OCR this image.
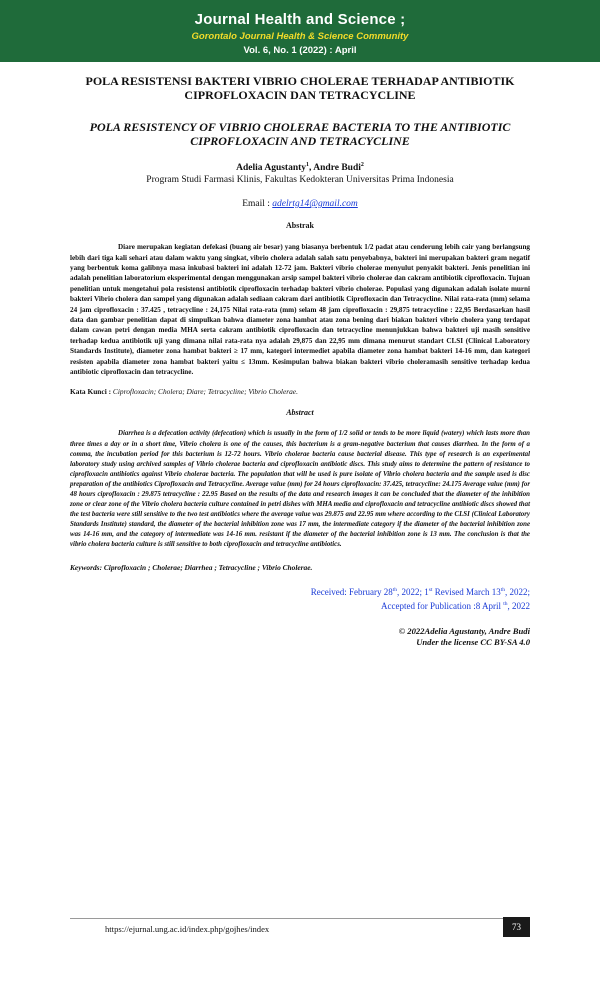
Journal Health and Science ;
Gorontalo Journal Health & Science Community
Vol. 6, No. 1 (2022) : April

POLA RESISTENSI BAKTERI VIBRIO CHOLERAE TERHADAP ANTIBIOTIK CIPROFLOXACIN DAN TETRACYCLINE

POLA RESISTENCY OF VIBRIO CHOLERAE BACTERIA TO THE ANTIBIOTIC CIPROFLOXACIN AND TETRACYCLINE

Adelia Agustanty$^1$, Andre Budi$^2$
Program Studi Farmasi Klinis, Fakultas Kedokteran Universitas Prima Indonesia
Email : adelrtg14@gmail.com
Abstrak

Diare merupakan kegiatan defekasi (buang air besar) yang biasanya berbentuk 1/2 padat atau cenderung lebih cair yang berlangsung lebih dari tiga kali sehari atau dalam waktu yang singkat, vibrio cholera adalah salah satu penyebabnya, bakteri ini merupakan bakteri gram negatif yang berbentuk koma galibnya masa inkubasi bakteri ini adalah 12-72 jam. Bakteri vibrio cholerae menyulut penyakit bakteri. Jenis penelitian ini adalah penelitian laboratorium eksperimental dengan menggunakan arsip sampel bakteri vibrio cholerae dan cakram antibiotik ciprofloxacin. Tujuan penelitian untuk mengetahui pola resistensi antibiotik ciprofloxacin terhadap bakteri vibrio cholerae. Populasi yang digunakan adalah isolate murni bakteri Vibrio cholera dan sampel yang digunakan adalah sediaan cakram dari antibiotik Ciprofloxacin dan Tetracycline. Nilai rata-rata (mm) selama 24 jam ciprofloxacin : 37.425 , tetracycline : 24,175 Nilai rata-rata (mm) selam 48 jam ciprofloxacin : 29,875 tetracycline : 22,95 Berdasarkan hasil data dan gambar penelitian dapat di simpulkan bahwa diameter zona hambat atau zona bening dari biakan bakteri vibrio cholera yang terdapat dalam cawan petri dengan media MHA serta cakram antibiotik ciprofloxacin dan tetracycline menunjukkan bahwa bakteri uji masih sensitive terhadap kedua antibiotik uji yang dimana nilai rata-rata nya adalah 29,875 dan 22,95 mm dimana menurut standart CLSI (Clinical Laboratory Standards Institute), diameter zona hambat bakteri ≥ 17 mm, kategori intermediet apabila diameter zona hambat bakteri 14-16 mm, dan kategori resisten apabila diameter zona hambat bakteri yaitu ≤ 13mm. Kesimpulan bahwa biakan bakteri vibrio choleramasih sensitive terhadap kedua antibiotic ciprofloxacin dan tetracycline.

Kata Kunci : Ciprofloxacin; Cholera; Diare; Tetracycline; Vibrio Cholerae.
Abstract

Diarrhea is a defecation activity (defecation) which is usually in the form of 1/2 solid or tends to be more liquid (watery) which lasts more than three times a day or in a short time, Vibrio cholera is one of the causes, this bacterium is a gram-negative bacterium that causes diarrhea. In the form of a comma, the incubation period for this bacterium is 12-72 hours. Vibrio cholerae bacteria cause bacterial disease. This type of research is an experimental laboratory study using archived samples of Vibrio cholerae bacteria and ciprofloxacin antibiotic discs. This study aims to determine the pattern of resistance to ciprofloxacin antibiotics against Vibrio cholerae bacteria. The population that will be used is pure isolate of Vibrio cholera bacteria and the sample used is disc preparation of the antibiotics Ciprofloxacin and Tetracycline. Average value (mm) for 24 hours ciprofloxacin: 37.425, tetracycline: 24.175 Average value (mm) for 48 hours ciprofloxacin : 29.875 tetracycline : 22.95 Based on the results of the data and research images it can be concluded that the diameter of the inhibition zone or clear zone of the Vibrio cholera bacteria culture contained in petri dishes with MHA media and ciprofloxacin and tetracycline antibiotic discs showed that the test bacteria were still sensitive to the two test antibiotics where the average value was 29.875 and 22.95 mm where according to the CLSI (Clinical Laboratory Standards Institute) standard, the diameter of the bacterial inhibition zone was 17 mm, the intermediate category if the diameter of the bacterial inhibition zone was 14-16 mm, and the category of intermediate was 14-16 mm. resistant if the diameter of the bacterial inhibition zone is 13 mm. The conclusion is that the vibrio cholera bacteria culture is still sensitive to both ciprofloxacin and tetracycline antibiotics.

Keywords: Ciprofloxacin ; Cholerae; Diarrhea ; Tetracycline ; Vibrio Cholerae.
Received: February 28th, 2022; 1st Revised March 13th, 2022;
Accepted for Publication :8 April $^{th}$, 2022
© 2022Adelia Agustanty, Andre Budi
Under the license CC BY-SA 4.0
https://ejurnal.ung.ac.id/index.php/gojhes/index	73
